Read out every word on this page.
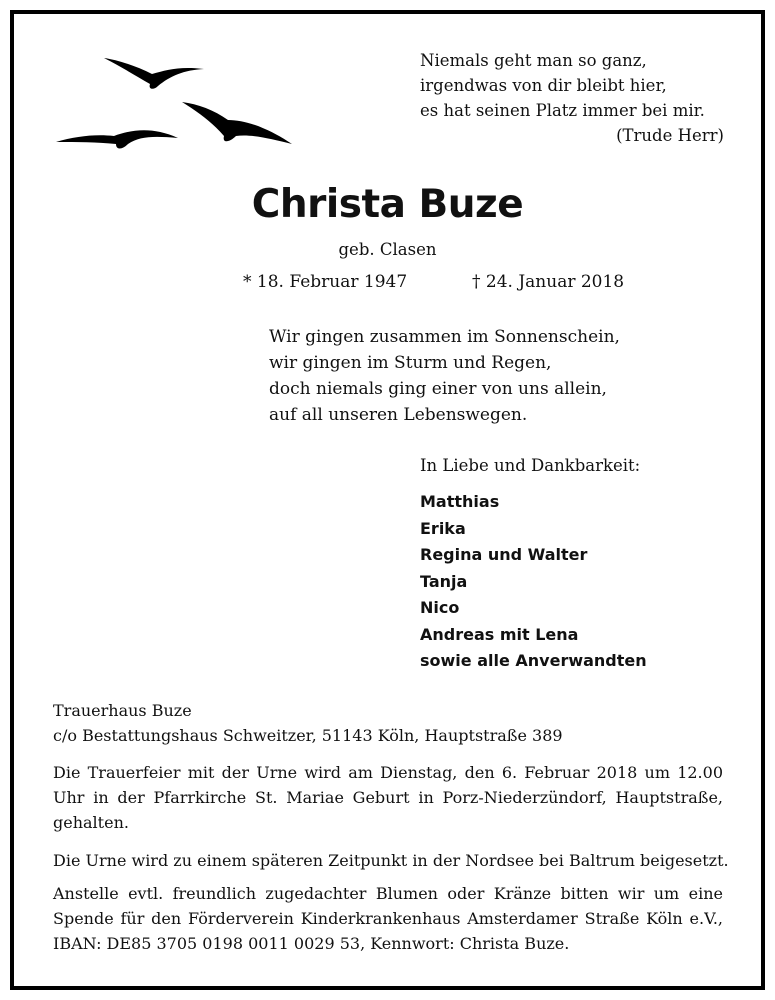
Niemals geht man so ganz,
irgendwas von dir bleibt hier,
es hat seinen Platz immer bei mir.
(Trude Herr)
Christa Buze
geb. Clasen
* 18. Februar 1947	† 24. Januar 2018
Wir gingen zusammen im Sonnenschein,
wir gingen im Sturm und Regen,
doch niemals ging einer von uns allein,
auf all unseren Lebenswegen.
In Liebe und Dankbarkeit:
Matthias
Erika
Regina und Walter
Tanja
Nico
Andreas mit Lena
sowie alle Anverwandten
Trauerhaus Buze
c/o Bestattungshaus Schweitzer, 51143 Köln, Hauptstraße 389
Die Trauerfeier mit der Urne wird am Dienstag, den 6. Februar 2018 um 12.00
Uhr in der Pfarrkirche St. Mariae Geburt in Porz-Niederzündorf, Hauptstraße,
gehalten.
Die Urne wird zu einem späteren Zeitpunkt in der Nordsee bei Baltrum beigesetzt.
Anstelle evtl. freundlich zugedachter Blumen oder Kränze bitten wir um eine
Spende für den Förderverein Kinderkrankenhaus Amsterdamer Straße Köln e.V.,
IBAN: DE85 3705 0198 0011 0029 53, Kennwort: Christa Buze.
